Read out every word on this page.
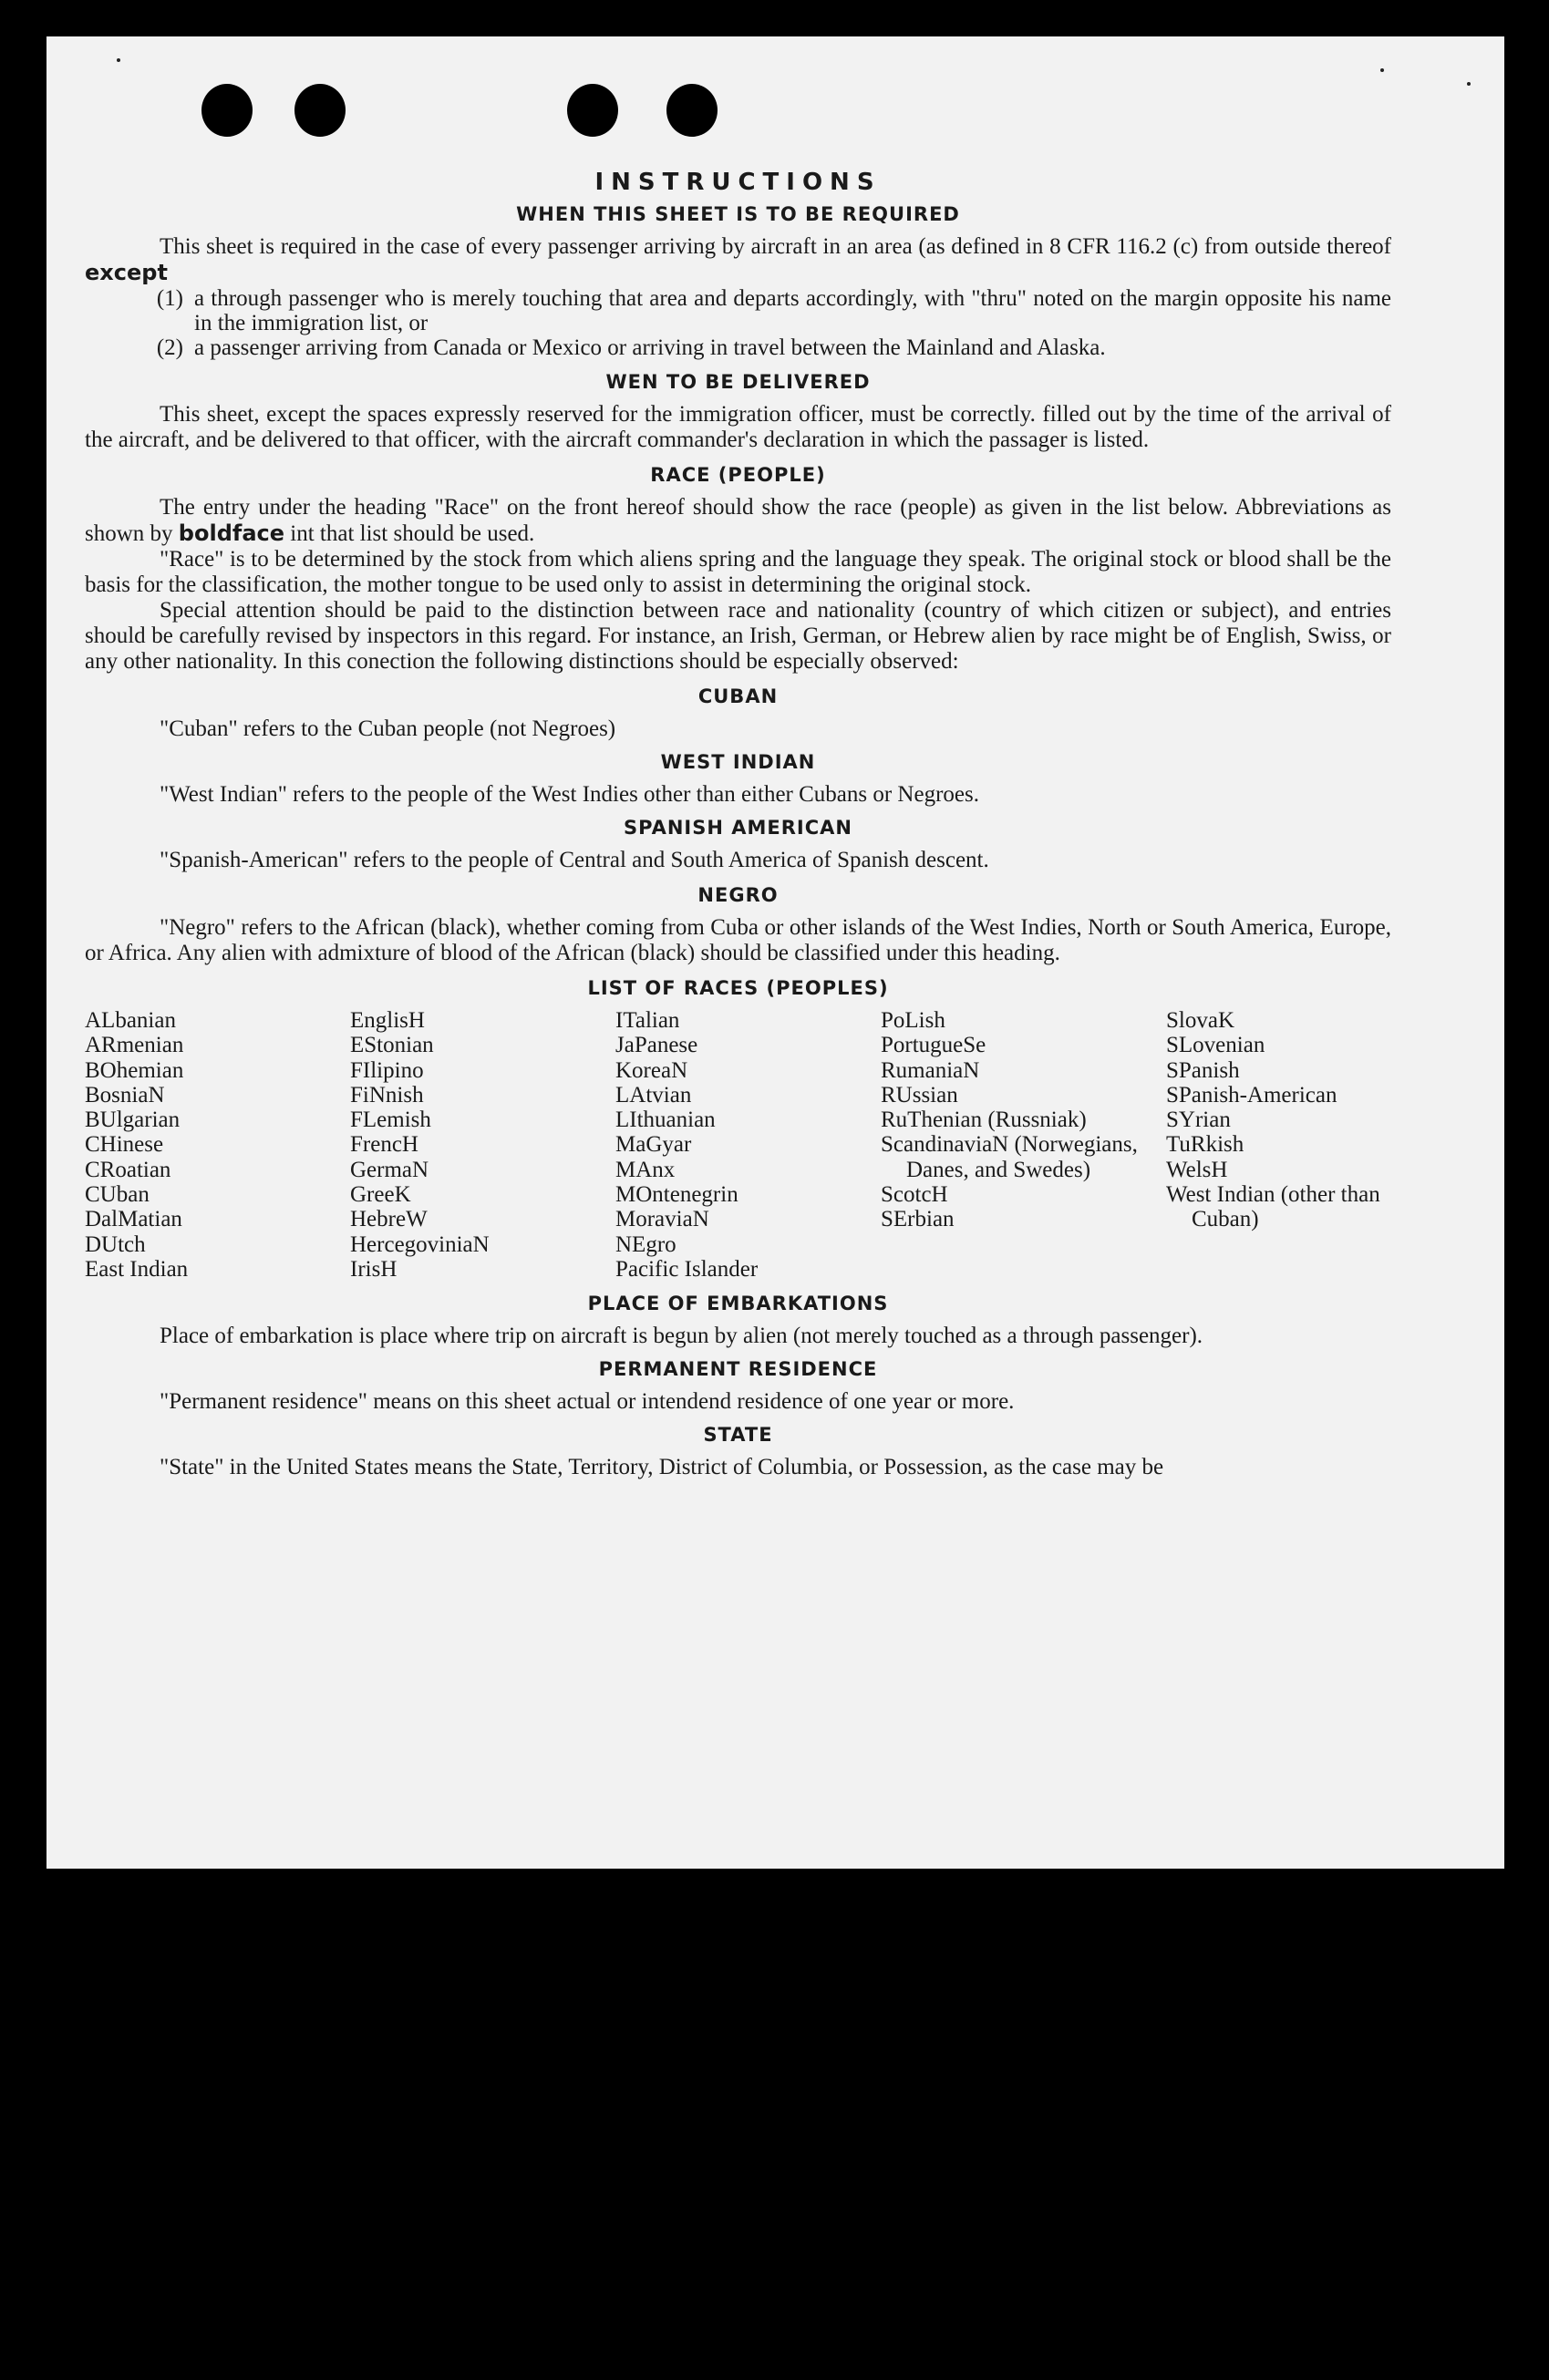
INSTRUCTIONS
WHEN THIS SHEET IS TO BE REQUIRED

This sheet is required in the case of every passenger arriving by aircraft in an area (as defined in 8 CFR 116.2 (c) from outside thereof except

(1) a through passenger who is merely touching that area and departs accordingly, with "thru" noted on the margin opposite his name in the immigration list, or
(2) a passenger arriving from Canada or Mexico or arriving in travel between the Mainland and Alaska.
WEN TO BE DELIVERED

This sheet, except the spaces expressly reserved for the immigration officer, must be correctly. filled out by the time of the arrival of the aircraft, and be delivered to that officer, with the aircraft commander's declaration in which the passager is listed.

RACE (PEOPLE)

The entry under the heading "Race" on the front hereof should show the race (people) as given in the list below. Abbreviations as shown by boldface int that list should be used.

"Race" is to be determined by the stock from which aliens spring and the language they speak. The original stock or blood shall be the basis for the classification, the mother tongue to be used only to assist in determining the original stock.

Special attention should be paid to the distinction between race and nationality (country of which citizen or subject), and entries should be carefully revised by inspectors in this regard. For instance, an Irish, German, or Hebrew alien by race might be of English, Swiss, or any other nationality. In this conection the following distinctions should be especially observed:

CUBAN

"Cuban" refers to the Cuban people (not Negroes)

WEST INDIAN

"West Indian" refers to the people of the West Indies other than either Cubans or Negroes.

SPANISH AMERICAN

"Spanish-American" refers to the people of Central and South America of Spanish descent.

NEGRO

"Negro" refers to the African (black), whether coming from Cuba or other islands of the West Indies, North or South America, Europe, or Africa. Any alien with admixture of blood of the African (black) should be classified under this heading.

LIST OF RACES (PEOPLES)
ALbanian
ARmenian
BOhemian
BosniaN
BUlgarian
CHinese
CRoatian
CUban
DalMatian
DUtch
East Indian
EnglisH
EStonian
FIlipino
FiNnish
FLemish
FrencH
GermaN
GreeK
HebreW
HercegoviniaN
IrisH
ITalian
JaPanese
KoreaN
LAtvian
LIthuanian
MaGyar
MAnx
MOntenegrin
MoraviaN
NEgro
Pacific Islander
PoLish
PortugueSe
RumaniaN
RUssian
RuThenian (Russniak)
ScandinaviaN (Norwegians, Danes, and Swedes)
ScotcH
SErbian
SlovaK
SLovenian
SPanish
SPanish-American
SYrian
TuRkish
WelsH
West Indian (other than Cuban)
PLACE OF EMBARKATIONS

Place of embarkation is place where trip on aircraft is begun by alien (not merely touched as a through passenger).

PERMANENT RESIDENCE

"Permanent residence" means on this sheet actual or intendend residence of one year or more.

STATE

"State" in the United States means the State, Territory, District of Columbia, or Possession, as the case may be
